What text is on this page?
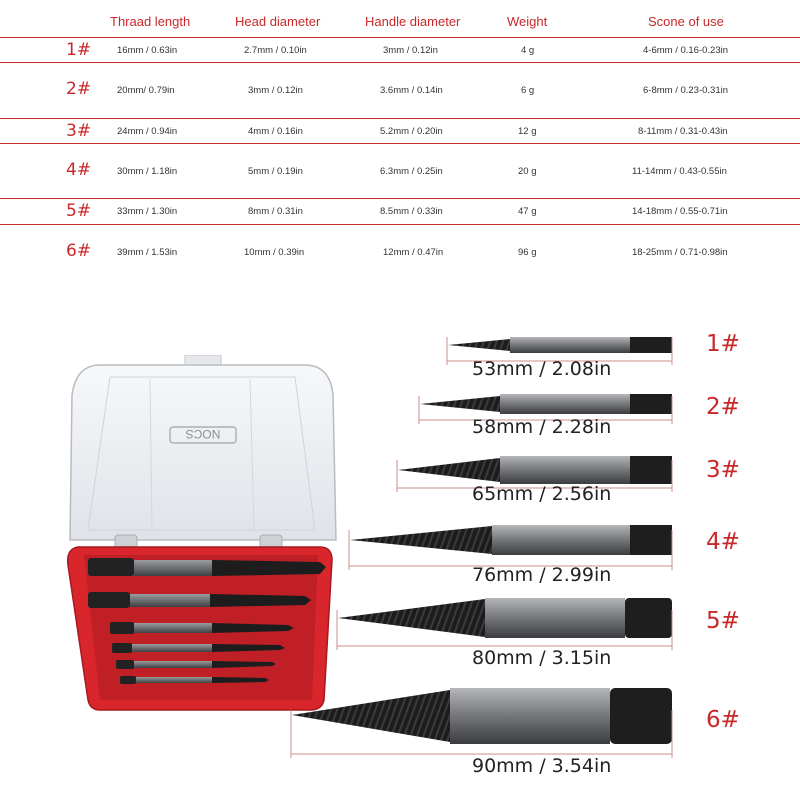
Thraad length	Head diameter	Handle diameter	Weight	Scone of use
1#	16mm / 0.63in	2.7mm / 0.10in	3mm / 0.12in	4 g	4-6mm / 0.16-0.23in
2#	20mm/ 0.79in	3mm / 0.12in	3.6mm / 0.14in	6 g	6-8mm / 0.23-0.31in
3#	24mm / 0.94in	4mm / 0.16in	5.2mm / 0.20in	12 g	8-11mm / 0.31-0.43in
4#	30mm / 1.18in	5mm / 0.19in	6.3mm / 0.25in	20 g	11-14mm / 0.43-0.55in
5#	33mm / 1.30in	8mm / 0.31in	8.5mm / 0.33in	47 g	14-18mm / 0.55-0.71in
6#	39mm / 1.53in	10mm / 0.39in	12mm / 0.47in	96 g	18-25mm / 0.71-0.98in
NOCS
53mm / 2.08in
1#
58mm / 2.28in
2#
65mm / 2.56in
3#
76mm / 2.99in
4#
80mm / 3.15in
5#
90mm / 3.54in
6#
